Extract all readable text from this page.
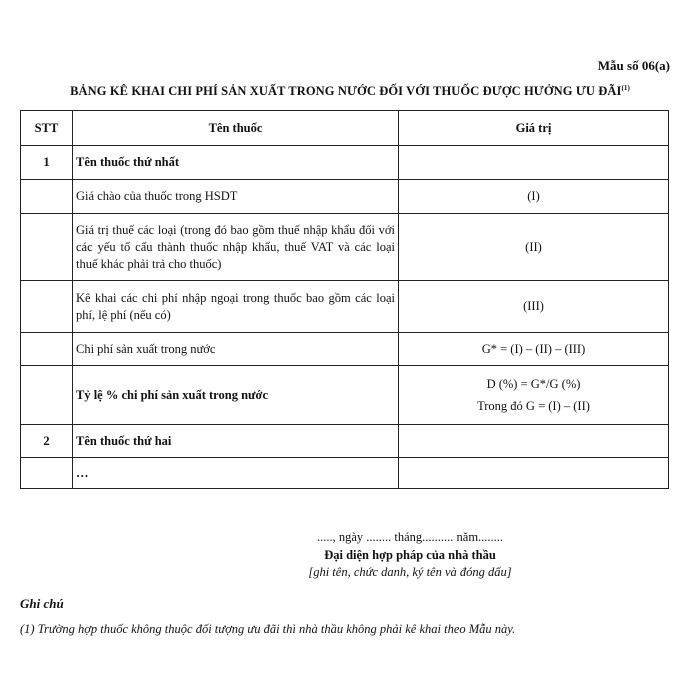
Mẫu số 06(a)
BẢNG KÊ KHAI CHI PHÍ SẢN XUẤT TRONG NƯỚC ĐỐI VỚI THUỐC ĐƯỢC HƯỞNG ƯU ĐÃI$^{(1)}$
STT	Tên thuốc	Giá trị
1	Tên thuốc thứ nhất	
	Giá chào của thuốc trong HSDT	(I)
	Giá trị thuế các loại (trong đó bao gồm thuế nhập khẩu đối với các yếu tố cấu thành thuốc nhập khẩu, thuế VAT và các loại thuế khác phải trả cho thuốc)	(II)
	Kê khai các chi phí nhập ngoại trong thuốc bao gồm các loại phí, lệ phí (nếu có)	(III)
	Chi phí sản xuất trong nước	G* = (I) – (II) – (III)
	Tỷ lệ % chi phí sản xuất trong nước	D (%) = G*/G (%)
Trong đó G = (I) – (II)

2	Tên thuốc thứ hai	
	…	
....., ngày ........ tháng.......... năm........
Đại diện hợp pháp của nhà thầu
[ghi tên, chức danh, ký tên và đóng dấu]
Ghi chú
(1) Trường hợp thuốc không thuộc đối tượng ưu đãi thì nhà thầu không phải kê khai theo Mẫu này.
